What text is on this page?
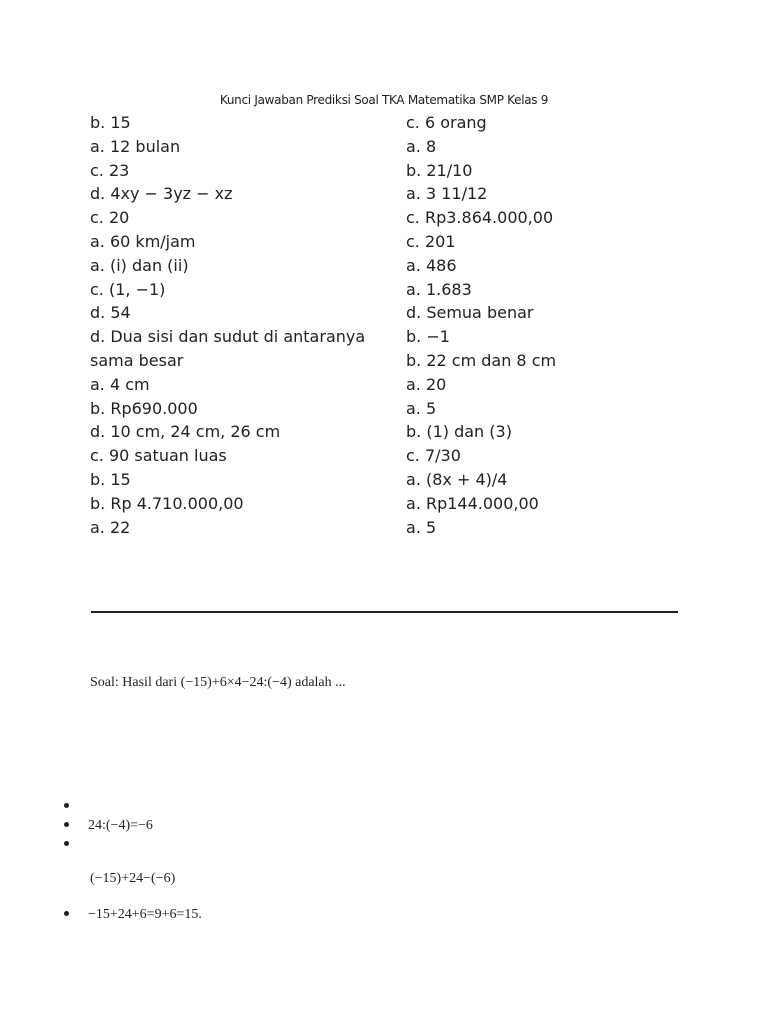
Kunci Jawaban Prediksi Soal TKA Matematika SMP Kelas 9
b. 15
a. 12 bulan
c. 23
d. 4xy − 3yz − xz
c. 20
a. 60 km/jam
a. (i) dan (ii)
c. (1, −1)
d. 54
d. Dua sisi dan sudut di antaranya
sama besar
a. 4 cm
b. Rp690.000
d. 10 cm, 24 cm, 26 cm
c. 90 satuan luas
b. 15
b. Rp 4.710.000,00
a. 22
c. 6 orang
a. 8
b. 21/10
a. 3 11/12
c. Rp3.864.000,00
c. 201
a. 486
a. 1.683
d. Semua benar
b. −1
b. 22 cm dan 8 cm
a. 20
a. 5
b. (1) dan (3)
c. 7/30
a. (8x + 4)/4
a. Rp144.000,00
a. 5
Soal: Hasil dari (−15)+6×4−24:(−4) adalah ...
24:(−4)=−6
−15+24+6=9+6=15.
(−15)+24−(−6)
